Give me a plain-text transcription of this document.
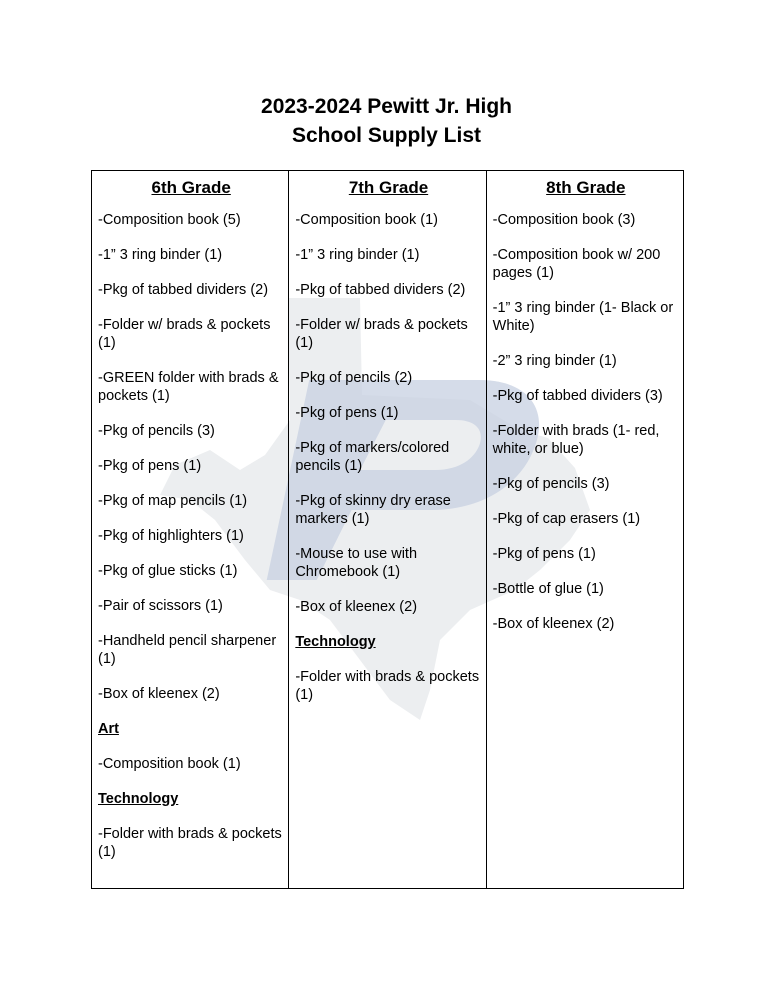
2023-2024 Pewitt Jr. High
School Supply List
6th Grade
-Composition book (5)
-1” 3 ring binder (1)
-Pkg of tabbed dividers (2)
-Folder w/ brads & pockets (1)
-GREEN folder with brads & pockets (1)
-Pkg of pencils (3)
-Pkg of pens (1)
-Pkg of map pencils (1)
-Pkg of highlighters (1)
-Pkg of glue sticks (1)
-Pair of scissors (1)
-Handheld pencil sharpener (1)
-Box of kleenex (2)
Art
-Composition book (1)
Technology
-Folder with brads & pockets (1)

7th Grade
-Composition book (1)
-1” 3 ring binder (1)
-Pkg of tabbed dividers (2)
-Folder w/ brads & pockets (1)
-Pkg of pencils (2)
-Pkg of pens (1)
-Pkg of markers/colored pencils (1)
-Pkg of skinny dry erase markers (1)
-Mouse to use with Chromebook (1)
-Box of kleenex (2)
Technology
-Folder with brads & pockets (1)

8th Grade
-Composition book (3)
-Composition book w/ 200 pages (1)
-1” 3 ring binder (1- Black or White)
-2” 3 ring binder (1)
-Pkg of tabbed dividers (3)
-Folder with brads (1- red, white, or blue)
-Pkg of pencils (3)
-Pkg of cap erasers (1)
-Pkg of pens (1)
-Bottle of glue (1)
-Box of kleenex (2)
